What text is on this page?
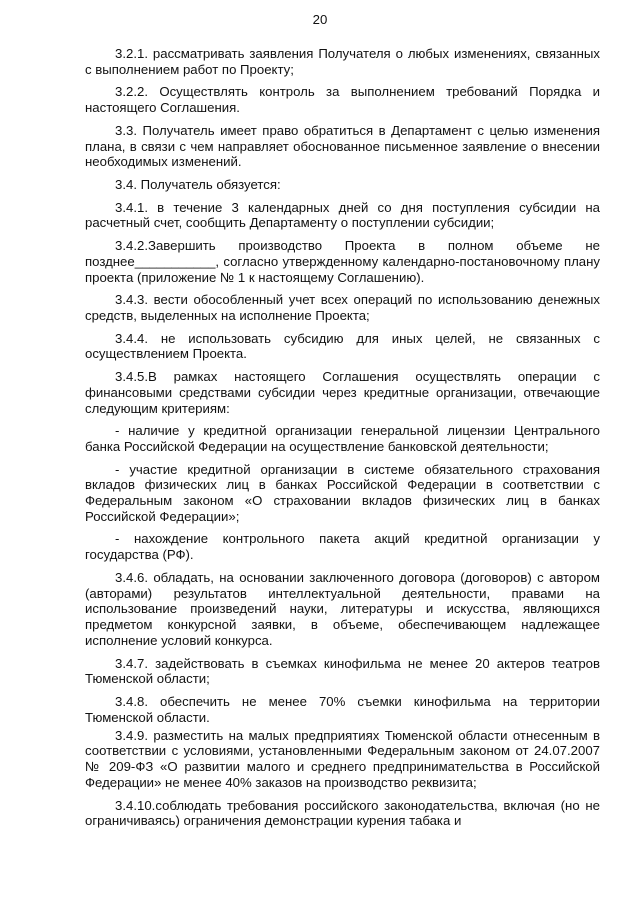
20

3.2.1. рассматривать заявления Получателя о любых изменениях, связанных с выполнением работ по Проекту;

3.2.2. Осуществлять контроль за выполнением требований Порядка и настоящего Соглашения.

3.3. Получатель имеет право обратиться в Департамент с целью изменения плана, в связи с чем направляет обоснованное письменное заявление о внесении необходимых изменений.

3.4. Получатель обязуется:

3.4.1. в течение 3 календарных дней со дня поступления субсидии на расчетный счет, сообщить Департаменту о поступлении субсидии;

3.4.2.Завершить производство Проекта в полном объеме не позднее___________, согласно утвержденному календарно-постановочному плану проекта (приложение № 1 к настоящему Соглашению).

3.4.3. вести обособленный учет всех операций по использованию денежных средств, выделенных на исполнение Проекта;

3.4.4. не использовать субсидию для иных целей, не связанных с осуществлением Проекта.

3.4.5.В рамках настоящего Соглашения осуществлять операции с финансовыми средствами субсидии через кредитные организации, отвечающие следующим критериям:

- наличие у кредитной организации генеральной лицензии Центрального банка Российской Федерации на осуществление банковской деятельности;

- участие кредитной организации в системе обязательного страхования вкладов физических лиц в банках Российской Федерации в соответствии с Федеральным законом «О страховании вкладов физических лиц в банках Российской Федерации»;

- нахождение контрольного пакета акций кредитной организации у государства (РФ).

3.4.6. обладать, на основании заключенного договора (договоров) с автором (авторами) результатов интеллектуальной деятельности, правами на использование произведений науки, литературы и искусства, являющихся предметом конкурсной заявки, в объеме, обеспечивающем надлежащее исполнение условий конкурса.

3.4.7. задействовать в съемках кинофильма не менее 20 актеров театров Тюменской области;

3.4.8. обеспечить не менее 70% съемки кинофильма на территории Тюменской области.

3.4.9. разместить на малых предприятиях Тюменской области отнесенным в соответствии с условиями, установленными Федеральным законом от 24.07.2007 № 209-ФЗ «О развитии малого и среднего предпринимательства в Российской Федерации» не менее 40% заказов на производство реквизита;

3.4.10.соблюдать требования российского законодательства, включая (но не ограничиваясь) ограничения демонстрации курения табака и
